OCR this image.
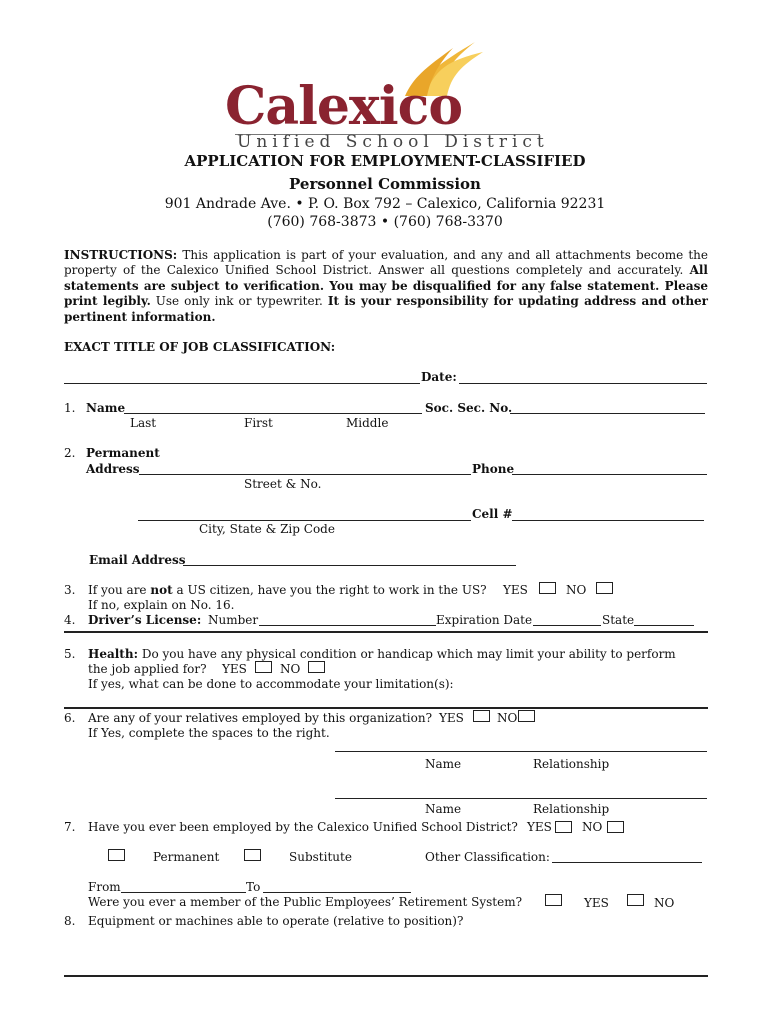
Calexico
Unified School District
APPLICATION FOR EMPLOYMENT-CLASSIFIED
Personnel Commission
901 Andrade Ave. • P. O. Box 792 – Calexico, California 92231
(760) 768-3873 • (760) 768-3370
INSTRUCTIONS: This application is part of your evaluation, and any and all attachments become the property of the Calexico Unified School District. Answer all questions completely and accurately. All statements are subject to verification. You may be disqualified for any false statement. Please print legibly. Use only ink or typewriter. It is your responsibility for updating address and other pertinent information.
EXACT TITLE OF JOB CLASSIFICATION:
Date:
1. Name	Soc. Sec. No.
Last	First	Middle
2. Permanent
Address	Phone
Street & No.
Cell #
City, State & Zip Code
Email Address
3. If you are not a US citizen, have you the right to work in the US? YES	NO
If no, explain on No. 16.
4. Driver’s License: Number	Expiration Date	State
5. Health: Do you have any physical condition or handicap which may limit your ability to perform
the job applied for? YES	NO
If yes, what can be done to accommodate your limitation(s):
6. Are any of your relatives employed by this organization? YES	NO
If Yes, complete the spaces to the right.
Name	Relationship
Name	Relationship
7. Have you ever been employed by the Calexico Unified School District? YES	NO
Permanent	Substitute	Other Classification:
From	To
Were you ever a member of the Public Employees’ Retirement System?	YES	NO
8. Equipment or machines able to operate (relative to position)?
